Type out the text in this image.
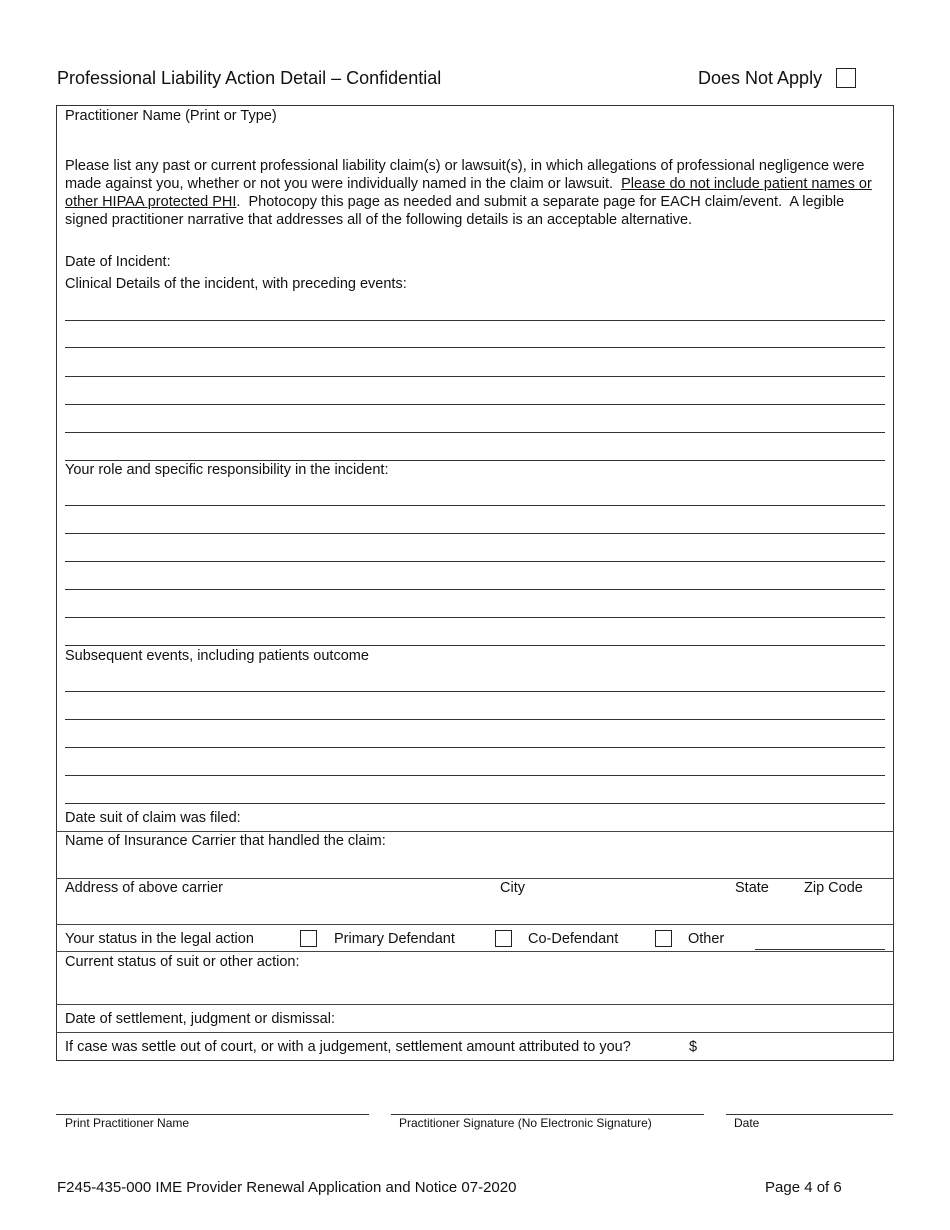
Professional Liability Action Detail – Confidential	Does Not Apply
Practitioner Name (Print or Type)
Please list any past or current professional liability claim(s) or lawsuit(s), in which allegations of professional negligence were made against you, whether or not you were individually named in the claim or lawsuit.  Please do not include patient names or other HIPAA protected PHI.  Photocopy this page as needed and submit a separate page for EACH claim/event.  A legible signed practitioner narrative that addresses all of the following details is an acceptable alternative.
Date of Incident:
Clinical Details of the incident, with preceding events:
Your role and specific responsibility in the incident:
Subsequent events, including patients outcome
Date suit of claim was filed:
Name of Insurance Carrier that handled the claim:
Address of above carrier	City	State Zip Code
Your status in the legal action	Primary Defendant	Co-Defendant	Other
Current status of suit or other action:
Date of settlement, judgment or dismissal:
If case was settle out of court, or with a judgement, settlement amount attributed to you?	$
Print Practitioner Name	Practitioner Signature (No Electronic Signature)	Date
F245-435-000 IME Provider Renewal Application and Notice 07-2020	Page 4 of 6
